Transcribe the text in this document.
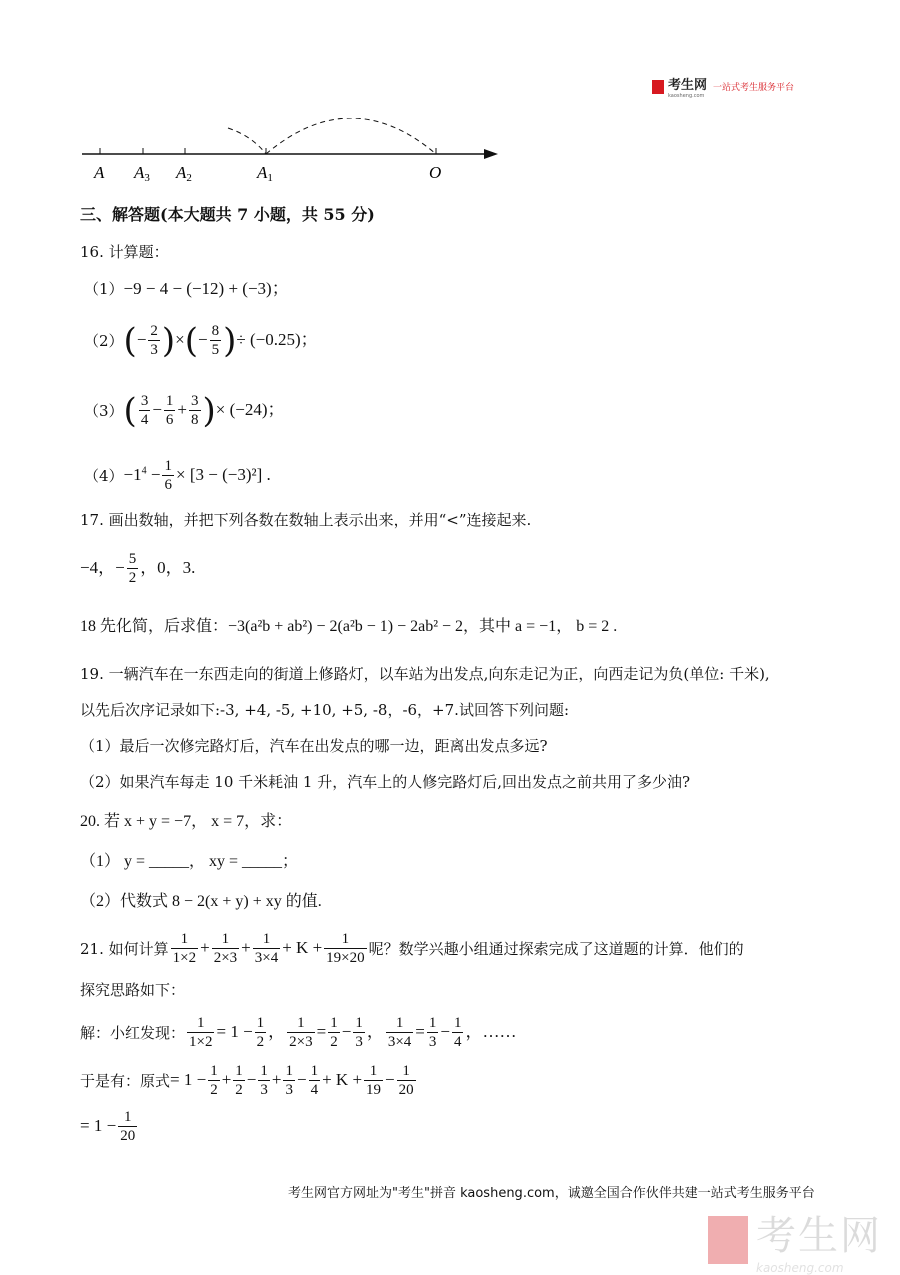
考生网
kaosheng.com
一站式考生服务平台
A A3 A2	A1	O
三、解答题(本大题共 7 小题，共 55 分)
16. 计算题：
（1） −9 − 4 − (−12) + (−3)；
（2） ( − $\frac{2}{3}$ ) × ( − $\frac{8}{5}$ ) ÷ (−0.25)；
（3） ( $\frac{3}{4} - \frac{1}{6} + \frac{3}{8}$ ) × (−24)；
$(4) -1^4 - \frac{1}{6} \times [3 - (-3)^2]$ .
17. 画出数轴，并把下列各数在数轴上表示出来，并用“<”连接起来.
−4，− $\frac{5}{2}$ ，0，3.
18 先化简，后求值：−3(a²b + ab²) − 2(a²b − 1) − 2ab² − 2，其中 a = −1， b = 2 .
19. 一辆汽车在一东西走向的街道上修路灯，以车站为出发点,向东走记为正，向西走记为负(单位: 千米),
以先后次序记录如下:-3, +4, -5, +10, +5, -8，-6，+7.试回答下列问题:
（1）最后一次修完路灯后，汽车在出发点的哪一边，距离出发点多远?
（2）如果汽车每走 10 千米耗油 1 升，汽车上的人修完路灯后,回出发点之前共用了多少油?
20. 若 x + y = −7， x = 7，求：
（1） y = _____， xy = _____；
（2）代数式 8 − 2(x + y) + xy 的值.
21. 如何计算 $\frac{1}{1\times 2} + \frac{1}{2\times 3} + \frac{1}{3\times 4} + K + \frac{1}{19\times 20}$ 呢？数学兴趣小组通过探索完成了这道题的计算．他们的
探究思路如下：
解：小红发现： $\frac{1}{1\times 2} = 1 - \frac{1}{2}$ ， $\frac{1}{2\times 3} = \frac{1}{2} - \frac{1}{3}$ ， $\frac{1}{3\times 4} = \frac{1}{3} - \frac{1}{4}$ ，……
于是有：原式 = $1 - \frac{1}{2} + \frac{1}{2} - \frac{1}{3} + \frac{1}{3} - \frac{1}{4} + K + \frac{1}{19} - \frac{1}{20}$
= $1 - \frac{1}{20}$
考生网官方网址为"考生"拼音 kaosheng.com，诚邀全国合作伙伴共建一站式考生服务平台
考生网
kaosheng.com
